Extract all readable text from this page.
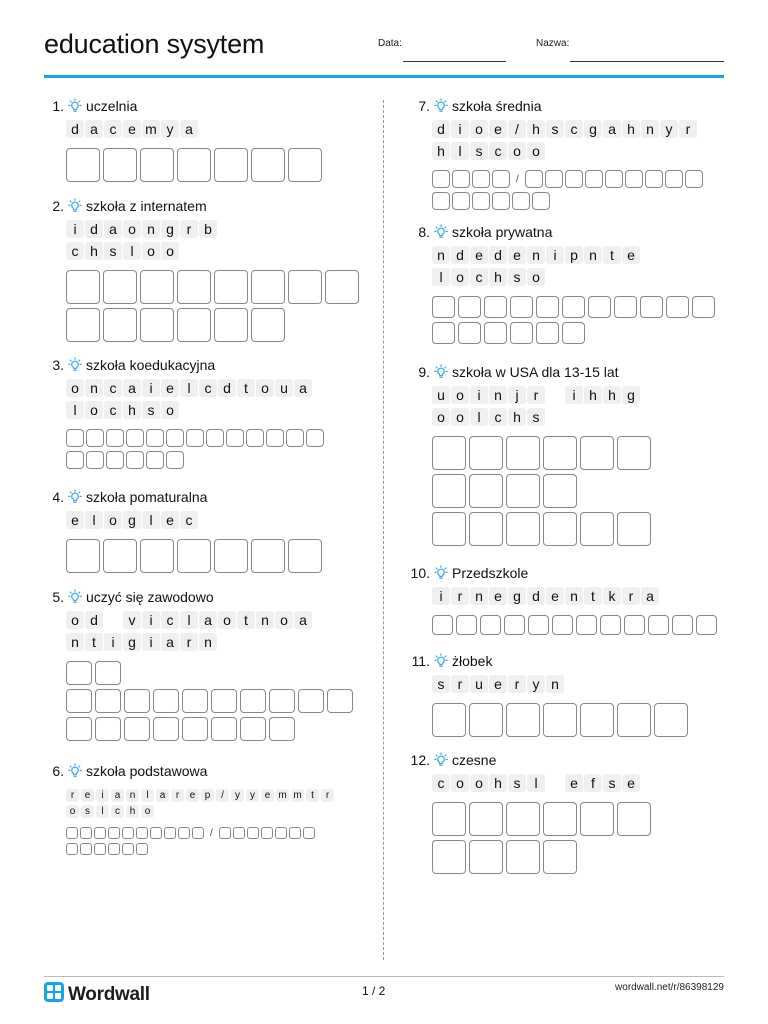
education sysytem	Data:	Nazwa:
1. uczelnia
d a c e m y a
2. szkoła z internatem
i d a o n g r b
c h s l o o
3. szkoła koedukacyjna
o n c a i e l c d t o u a
l o c h s o
4. szkoła pomaturalna
e l o g l e c
5. uczyć się zawodowo
o d	v i c l a o t n o a
n t	i g i a r n
6. szkoła podstawowa
r	e	i	a n	l	a	r	e p	/	y	y e m m t	r
o s	l	c h o
/
7. szkoła średnia
d i o e / h s c g a h n y r
h l s c o o
/
8. szkoła prywatna
n d e d e n i p n t e
l o c h s o
9. szkoła w USA dla 13-15 lat
u o i n j	r	i h h g
o o l c h s
10. Przedszkole
i	r n e g d e n t k r a
11. żłobek
s r u e r y n
12. czesne
c o o h s l	e f s e
Wordwall	1 / 2	wordwall.net/r/86398129
